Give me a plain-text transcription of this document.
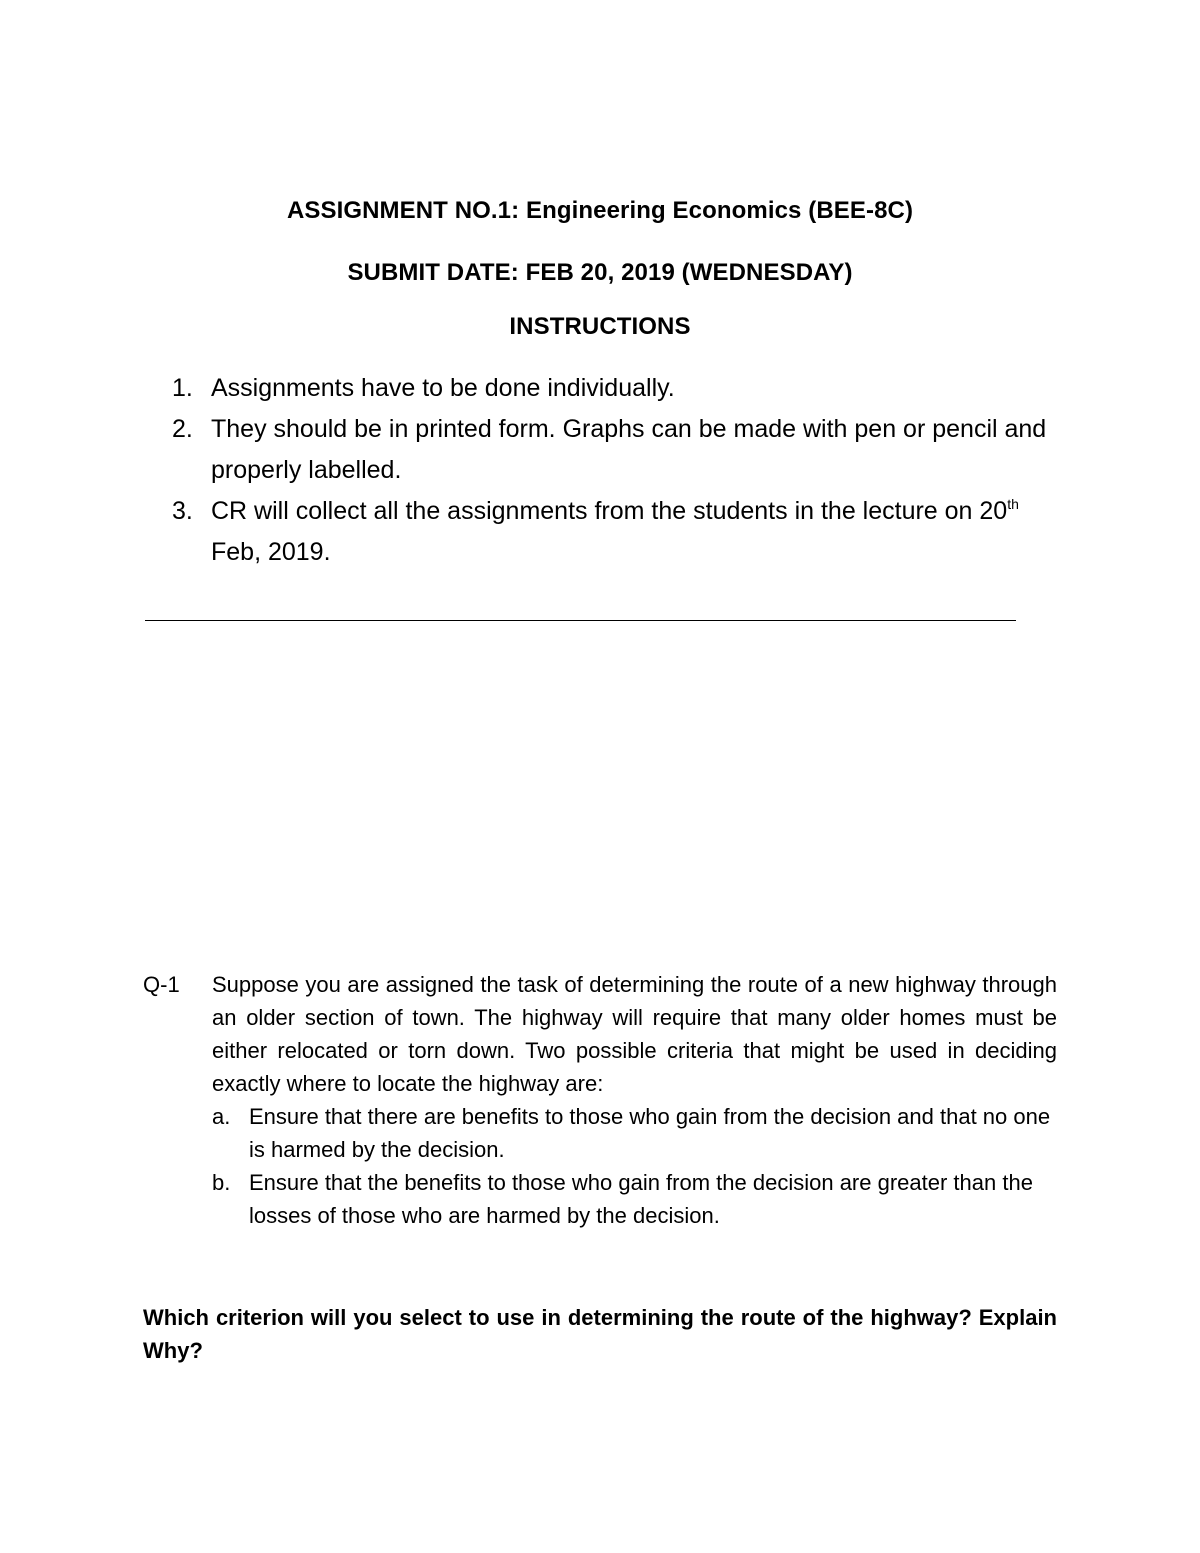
ASSIGNMENT NO.1: Engineering Economics (BEE-8C)
SUBMIT DATE: FEB 20, 2019 (WEDNESDAY)
INSTRUCTIONS
1. Assignments have to be done individually.
2. They should be in printed form. Graphs can be made with pen or pencil and properly labelled.
3. CR will collect all the assignments from the students in the lecture on 20th Feb, 2019.
Q-1 Suppose you are assigned the task of determining the route of a new highway through an older section of town. The highway will require that many older homes must be either relocated or torn down. Two possible criteria that might be used in deciding exactly where to locate the highway are:
a. Ensure that there are benefits to those who gain from the decision and that no one is harmed by the decision.
b. Ensure that the benefits to those who gain from the decision are greater than the losses of those who are harmed by the decision.
Which criterion will you select to use in determining the route of the highway? Explain Why?
